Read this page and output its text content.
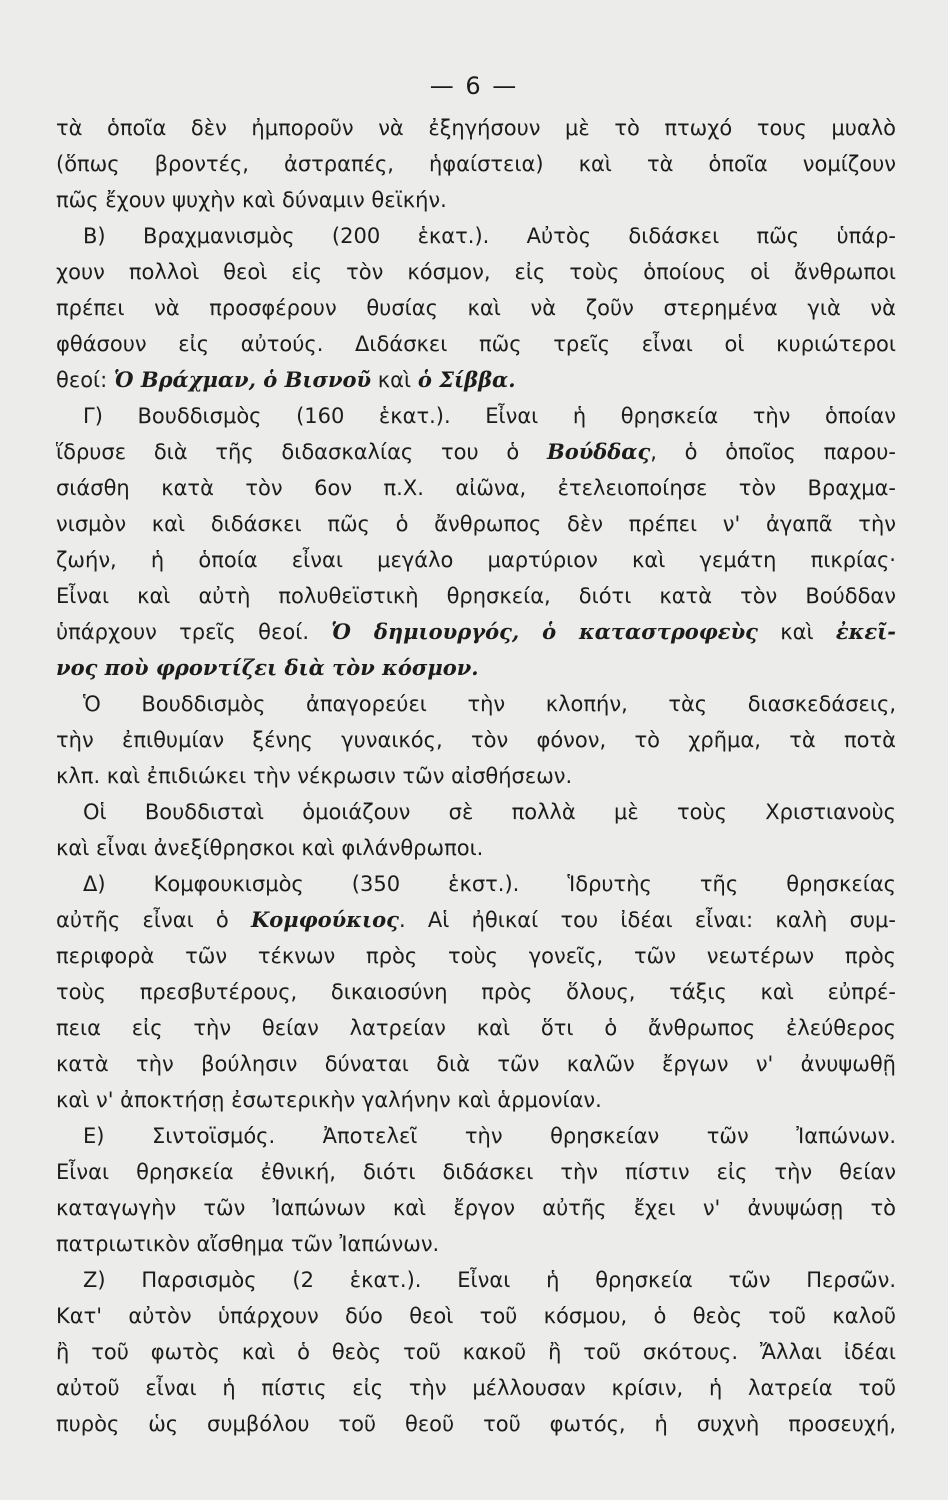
— 6 —
τὰ ὁποῖα δὲν ἠμποροῦν νὰ ἐξηγήσουν μὲ τὸ πτωχό τους μυαλὸ
(ὅπως βροντές, ἀστραπές, ἡφαίστεια) καὶ τὰ ὁποῖα νομίζουν
πῶς ἔχουν ψυχὴν καὶ δύναμιν θεϊκήν.
Β) Βραχμανισμὸς (200 ἑκατ.). Αὐτὸς διδάσκει πῶς ὑπάρ-
χουν πολλοὶ θεοὶ εἰς τὸν κόσμον, εἰς τοὺς ὁποίους οἱ ἄνθρωποι
πρέπει νὰ προσφέρουν θυσίας καὶ νὰ ζοῦν στερημένα γιὰ νὰ
φθάσουν εἰς αὐτούς. Διδάσκει πῶς τρεῖς εἶναι οἱ κυριώτεροι
θεοί: Ὁ Βράχμαν, ὁ Βισνοῦ καὶ ὁ Σίββα.
Γ) Βουδδισμὸς (160 ἑκατ.). Εἶναι ἡ θρησκεία τὴν ὁποίαν
ἵδρυσε διὰ τῆς διδασκαλίας του ὁ Βούδδας, ὁ ὁποῖος παρου-
σιάσθη κατὰ τὸν 6ον π.Χ. αἰῶνα, ἐτελειοποίησε τὸν Βραχμα-
νισμὸν καὶ διδάσκει πῶς ὁ ἄνθρωπος δὲν πρέπει ν' ἀγαπᾶ τὴν
ζωήν, ἡ ὁποία εἶναι μεγάλο μαρτύριον καὶ γεμάτη πικρίας·
Εἶναι καὶ αὐτὴ πολυθεϊστικὴ θρησκεία, διότι κατὰ τὸν Βούδδαν
ὑπάρχουν τρεῖς θεοί. Ὁ δημιουργός, ὁ καταστροφεὺς καὶ ἐκεῖ-
νος ποὺ φροντίζει διὰ τὸν κόσμον.
Ὁ Βουδδισμὸς ἀπαγορεύει τὴν κλοπήν, τὰς διασκεδάσεις,
τὴν ἐπιθυμίαν ξένης γυναικός, τὸν φόνον, τὸ χρῆμα, τὰ ποτὰ
κλπ. καὶ ἐπιδιώκει τὴν νέκρωσιν τῶν αἰσθήσεων.
Οἱ Βουδδισταὶ ὁμοιάζουν σὲ πολλὰ μὲ τοὺς Χριστιανοὺς
καὶ εἶναι ἀνεξίθρησκοι καὶ φιλάνθρωποι.
Δ) Κομφουκισμὸς (350 ἑκστ.). Ἱδρυτὴς τῆς θρησκείας
αὐτῆς εἶναι ὁ Κομφούκιος. Αἱ ἠθικαί του ἰδέαι εἶναι: καλὴ συμ-
περιφορὰ τῶν τέκνων πρὸς τοὺς γονεῖς, τῶν νεωτέρων πρὸς
τοὺς πρεσβυτέρους, δικαιοσύνη πρὸς ὅλους, τάξις καὶ εὐπρέ-
πεια εἰς τὴν θείαν λατρείαν καὶ ὅτι ὁ ἄνθρωπος ἐλεύθερος
κατὰ τὴν βούλησιν δύναται διὰ τῶν καλῶν ἔργων ν' ἀνυψωθῇ
καὶ ν' ἀποκτήσῃ ἐσωτερικὴν γαλήνην καὶ ἁρμονίαν.
Ε) Σιντοϊσμός. Ἀποτελεῖ τὴν θρησκείαν τῶν Ἰαπώνων.
Εἶναι θρησκεία ἐθνική, διότι διδάσκει τὴν πίστιν εἰς τὴν θείαν
καταγωγὴν τῶν Ἰαπώνων καὶ ἔργον αὐτῆς ἔχει ν' ἀνυψώσῃ τὸ
πατριωτικὸν αἴσθημα τῶν Ἰαπώνων.
Ζ) Παρσισμὸς (2 ἑκατ.). Εἶναι ἡ θρησκεία τῶν Περσῶν.
Κατ' αὐτὸν ὑπάρχουν δύο θεοὶ τοῦ κόσμου, ὁ θεὸς τοῦ καλοῦ
ἢ τοῦ φωτὸς καὶ ὁ θεὸς τοῦ κακοῦ ἢ τοῦ σκότους. Ἄλλαι ἰδέαι
αὐτοῦ εἶναι ἡ πίστις εἰς τὴν μέλλουσαν κρίσιν, ἡ λατρεία τοῦ
πυρὸς ὡς συμβόλου τοῦ θεοῦ τοῦ φωτός, ἡ συχνὴ προσευχή,
